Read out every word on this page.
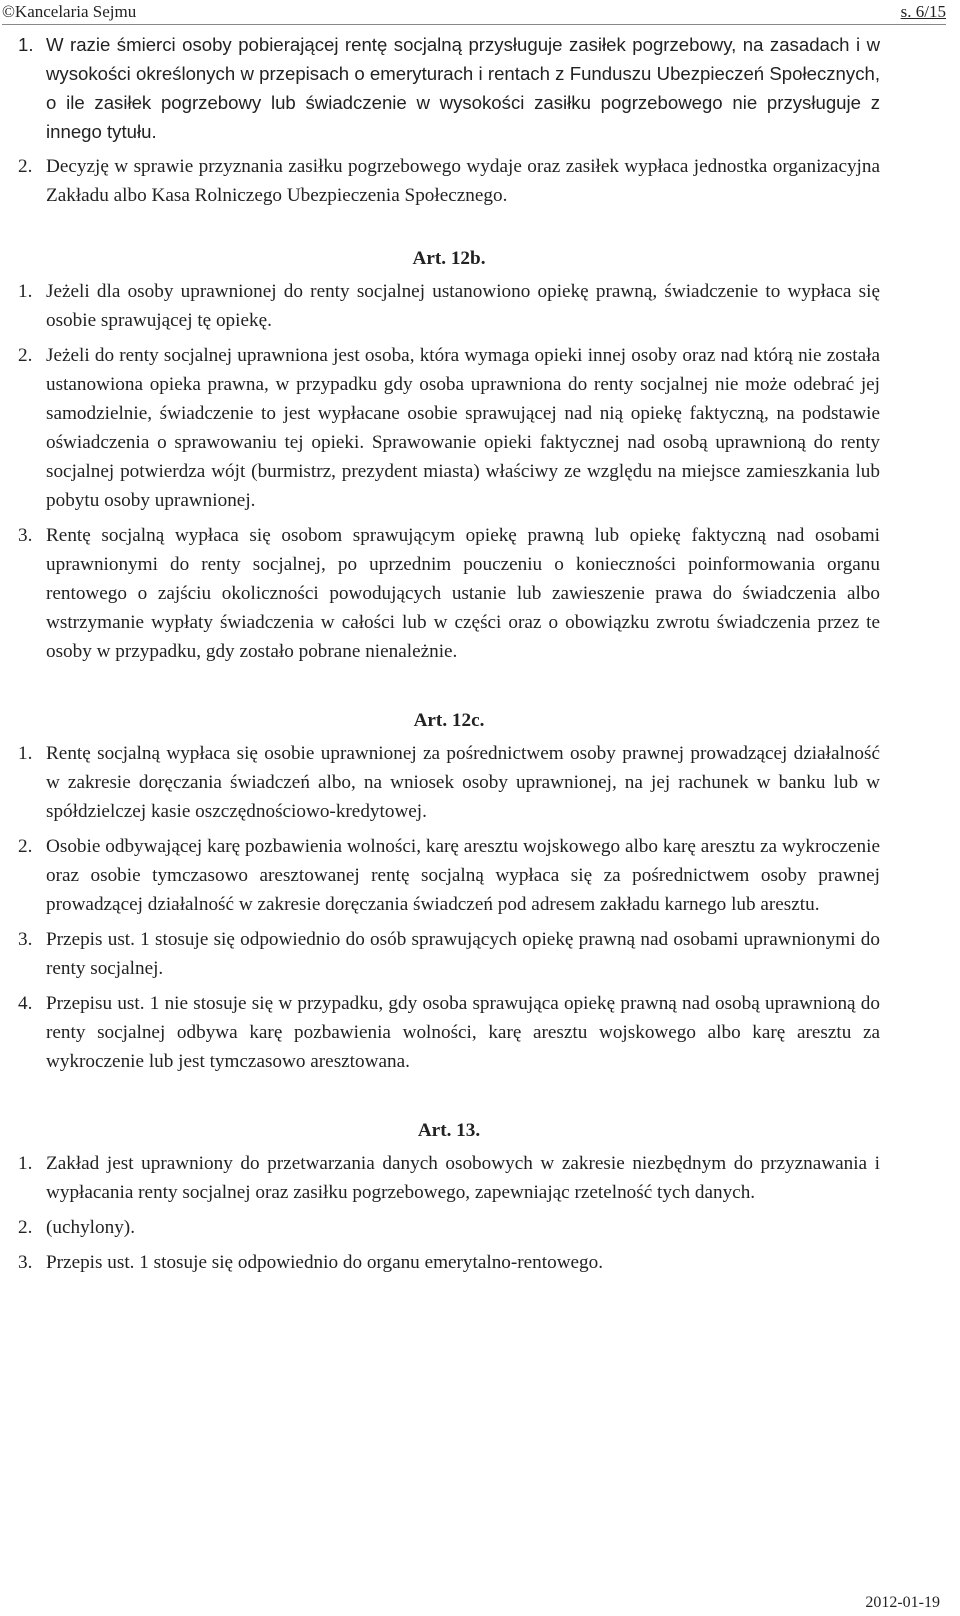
©Kancelaria Sejmu	s. 6/15
1. W razie śmierci osoby pobierającej rentę socjalną przysługuje zasiłek pogrzebowy, na zasadach i w wysokości określonych w przepisach o emeryturach i rentach z Funduszu Ubezpieczeń Społecznych, o ile zasiłek pogrzebowy lub świadczenie w wysokości zasiłku pogrzebowego nie przysługuje z innego tytułu.
2. Decyzję w sprawie przyznania zasiłku pogrzebowego wydaje oraz zasiłek wypłaca jednostka organizacyjna Zakładu albo Kasa Rolniczego Ubezpieczenia Społecznego.
Art. 12b.
1. Jeżeli dla osoby uprawnionej do renty socjalnej ustanowiono opiekę prawną, świadczenie to wypłaca się osobie sprawującej tę opiekę.
2. Jeżeli do renty socjalnej uprawniona jest osoba, która wymaga opieki innej osoby oraz nad którą nie została ustanowiona opieka prawna, w przypadku gdy osoba uprawniona do renty socjalnej nie może odebrać jej samodzielnie, świadczenie to jest wypłacane osobie sprawującej nad nią opiekę faktyczną, na podstawie oświadczenia o sprawowaniu tej opieki. Sprawowanie opieki faktycznej nad osobą uprawnioną do renty socjalnej potwierdza wójt (burmistrz, prezydent miasta) właściwy ze względu na miejsce zamieszkania lub pobytu osoby uprawnionej.
3. Rentę socjalną wypłaca się osobom sprawującym opiekę prawną lub opiekę faktyczną nad osobami uprawnionymi do renty socjalnej, po uprzednim pouczeniu o konieczności poinformowania organu rentowego o zajściu okoliczności powodujących ustanie lub zawieszenie prawa do świadczenia albo wstrzymanie wypłaty świadczenia w całości lub w części oraz o obowiązku zwrotu świadczenia przez te osoby w przypadku, gdy zostało pobrane nienależnie.
Art. 12c.
1. Rentę socjalną wypłaca się osobie uprawnionej za pośrednictwem osoby prawnej prowadzącej działalność w zakresie doręczania świadczeń albo, na wniosek osoby uprawnionej, na jej rachunek w banku lub w spółdzielczej kasie oszczędnościowo-kredytowej.
2. Osobie odbywającej karę pozbawienia wolności, karę aresztu wojskowego albo karę aresztu za wykroczenie oraz osobie tymczasowo aresztowanej rentę socjalną wypłaca się za pośrednictwem osoby prawnej prowadzącej działalność w zakresie doręczania świadczeń pod adresem zakładu karnego lub aresztu.
3. Przepis ust. 1 stosuje się odpowiednio do osób sprawujących opiekę prawną nad osobami uprawnionymi do renty socjalnej.
4. Przepisu ust. 1 nie stosuje się w przypadku, gdy osoba sprawująca opiekę prawną nad osobą uprawnioną do renty socjalnej odbywa karę pozbawienia wolności, karę aresztu wojskowego albo karę aresztu za wykroczenie lub jest tymczasowo aresztowana.
Art. 13.
1. Zakład jest uprawniony do przetwarzania danych osobowych w zakresie niezbędnym do przyznawania i wypłacania renty socjalnej oraz zasiłku pogrzebowego, zapewniając rzetelność tych danych.
2. (uchylony).
3. Przepis ust. 1 stosuje się odpowiednio do organu emerytalno-rentowego.
2012-01-19
